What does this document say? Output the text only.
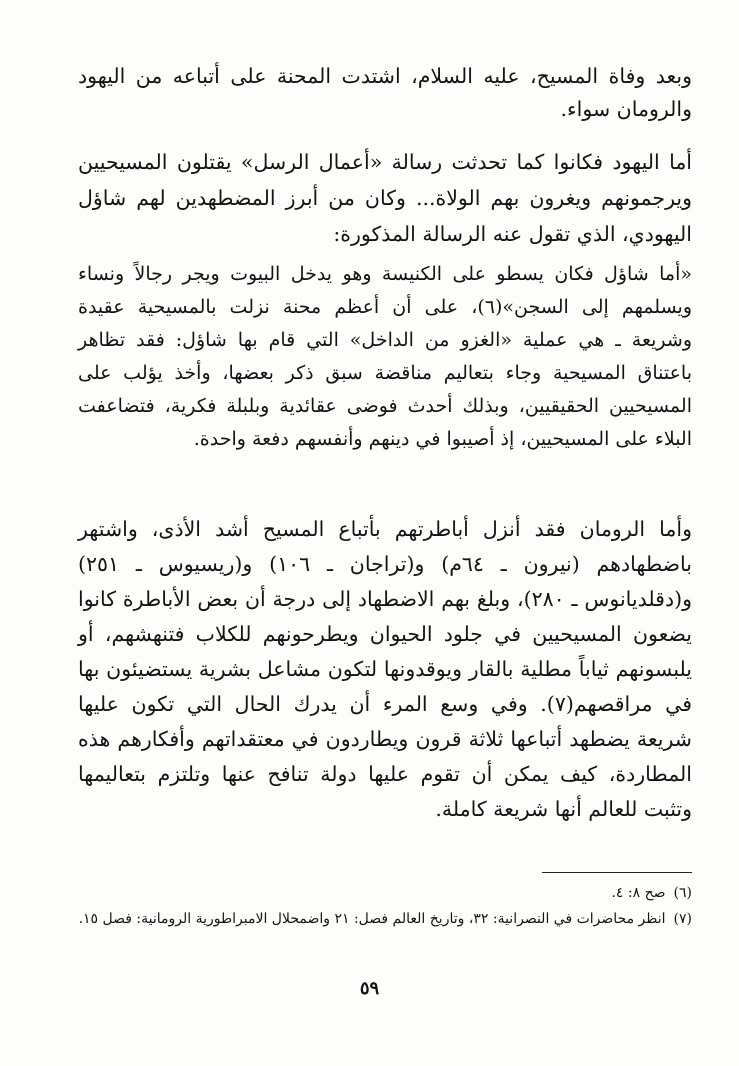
وبعد وفاة المسيح، عليه السلام، اشتدت المحنة على أتباعه من اليهود والرومان سواء.

أما اليهود فكانوا كما تحدثت رسالة «أعمال الرسل» يقتلون المسيحيين ويرجمونهم ويغرون بهم الولاة... وكان من أبرز المضطهدين لهم شاؤل اليهودي، الذي تقول عنه الرسالة المذكورة:

«أما شاؤل فكان يسطو على الكنيسة وهو يدخل البيوت ويجر رجالاً ونساء ويسلمهم إلى السجن»(٦)، على أن أعظم محنة نزلت بالمسيحية عقيدة وشريعة ـ هي عملية «الغزو من الداخل» التي قام بها شاؤل: فقد تظاهر باعتناق المسيحية وجاء بتعاليم مناقضة سبق ذكر بعضها، وأخذ يؤلب على المسيحيين الحقيقيين، وبذلك أحدث فوضى عقائدية وبلبلة فكرية، فتضاعفت البلاء على المسيحيين، إذ أصيبوا في دينهم وأنفسهم دفعة واحدة.

وأما الرومان فقد أنزل أباطرتهم بأتباع المسيح أشد الأذى، واشتهر باضطهادهم (نيرون ـ ٦٤م) و(تراجان ـ ١٠٦) و(ريسيوس ـ ٢٥١) و(دقلديانوس ـ ٢٨٠)، وبلغ بهم الاضطهاد إلى درجة أن بعض الأباطرة كانوا يضعون المسيحيين في جلود الحيوان ويطرحونهم للكلاب فتنهشهم، أو يلبسونهم ثياباً مطلية بالقار ويوقدونها لتكون مشاعل بشرية يستضيئون بها في مراقصهم(٧). وفي وسع المرء أن يدرك الحال التي تكون عليها شريعة يضطهد أتباعها ثلاثة قرون ويطاردون في معتقداتهم وأفكارهم هذه المطاردة، كيف يمكن أن تقوم عليها دولة تنافح عنها وتلتزم بتعاليمها وتثبت للعالم أنها شريعة كاملة.

(٦)
صح ٨: ٤.
(٧)
انظر محاضرات في النصرانية: ٣٢، وتاريخ العالم فصل: ٢١ واضمحلال الامبراطورية الرومانية: فصل ١٥.
٥٩
